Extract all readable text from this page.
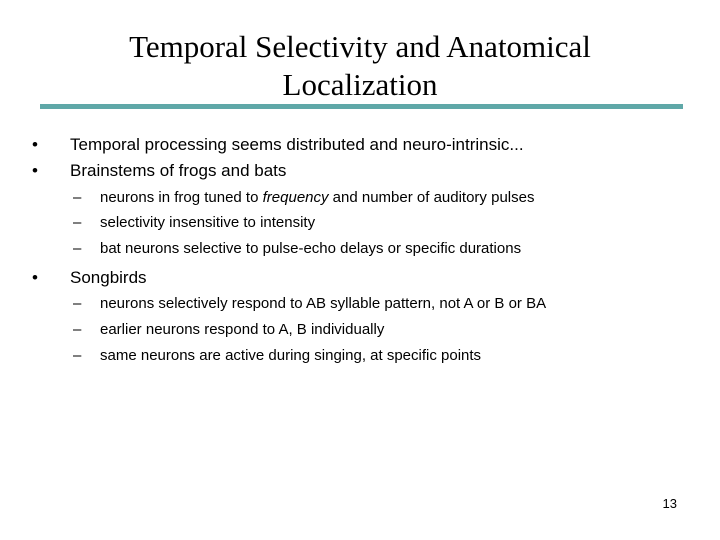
Temporal Selectivity and Anatomical
Localization
• Temporal processing seems distributed and neuro-intrinsic...
• Brainstems of frogs and bats
– neurons in frog tuned to frequency and number of auditory pulses
– selectivity insensitive to intensity
– bat neurons selective to pulse-echo delays or specific durations
• Songbirds
– neurons selectively respond to AB syllable pattern, not A or B or BA
– earlier neurons respond to A, B individually
– same neurons are active during singing, at specific points
13
